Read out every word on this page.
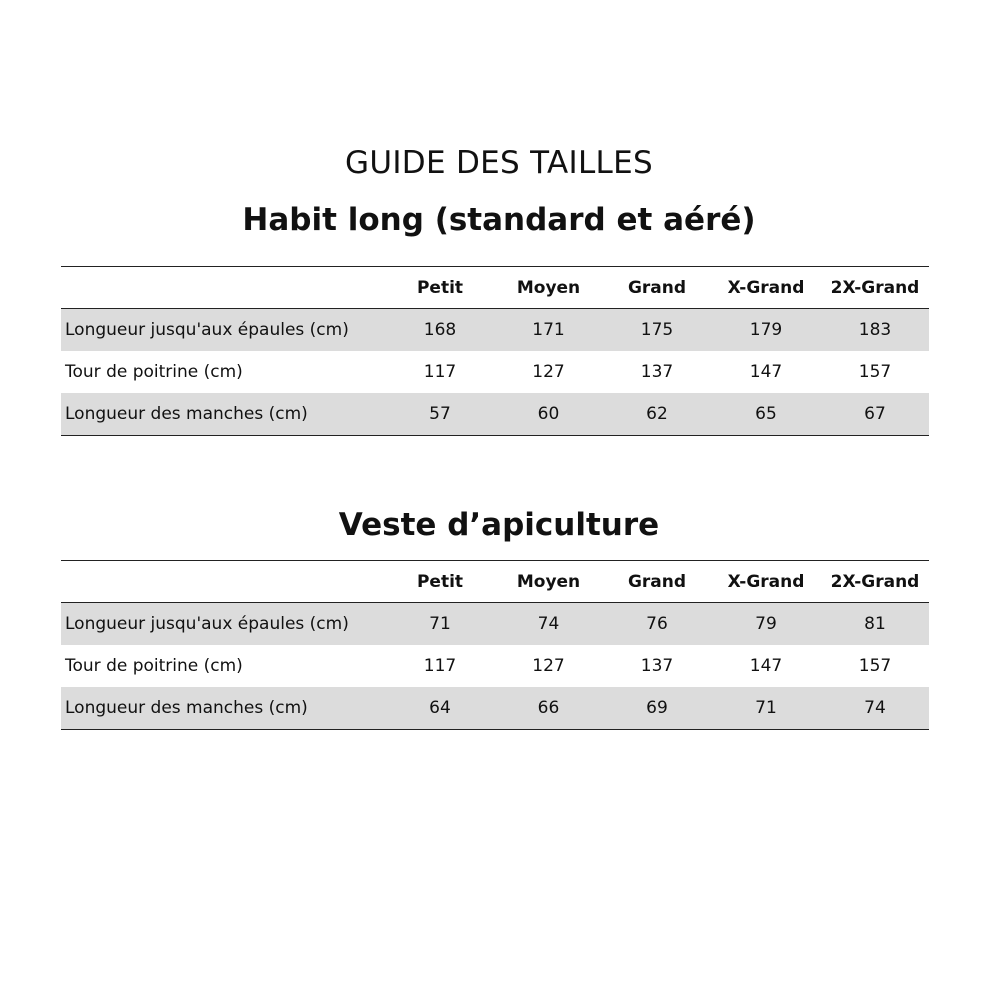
GUIDE DES TAILLES
Habit long (standard et aéré)
	Petit	Moyen	Grand	X-Grand	2X-Grand
Longueur jusqu'aux épaules (cm)	168	171	175	179	183
Tour de poitrine (cm)	117	127	137	147	157
Longueur des manches (cm)	57	60	62	65	67
Veste d’apiculture
	Petit	Moyen	Grand	X-Grand	2X-Grand
Longueur jusqu'aux épaules (cm)	71	74	76	79	81
Tour de poitrine (cm)	117	127	137	147	157
Longueur des manches (cm)	64	66	69	71	74
